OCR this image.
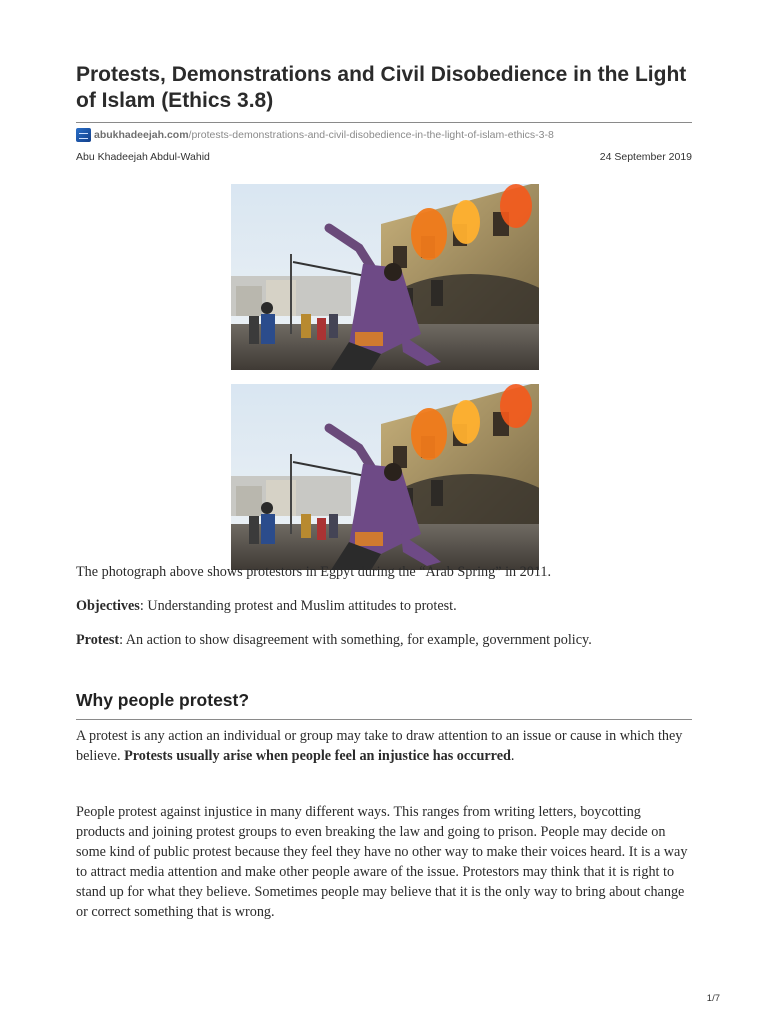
Protests, Demonstrations and Civil Disobedience in the Light of Islam (Ethics 3.8)
abukhadeejah.com /protests-demonstrations-and-civil-disobedience-in-the-light-of-islam-ethics-3-8
Abu Khadeejah Abdul-Wahid	24 September 2019

The photograph above shows protestors in Egpyt during the “Arab Spring” in 2011.

Objectives: Understanding protest and Muslim attitudes to protest.

Protest: An action to show disagreement with something, for example, government policy.

Why people protest?

A protest is any action an individual or group may take to draw attention to an issue or cause in which they believe. Protests usually arise when people feel an injustice has occurred.

People protest against injustice in many different ways. This ranges from writing letters, boycotting products and joining protest groups to even breaking the law and going to prison. People may decide on some kind of public protest because they feel they have no other way to make their voices heard. It is a way to attract media attention and make other people aware of the issue. Protestors may think that it is right to stand up for what they believe. Sometimes people may believe that it is the only way to bring about change or correct something that is wrong.

1/7
